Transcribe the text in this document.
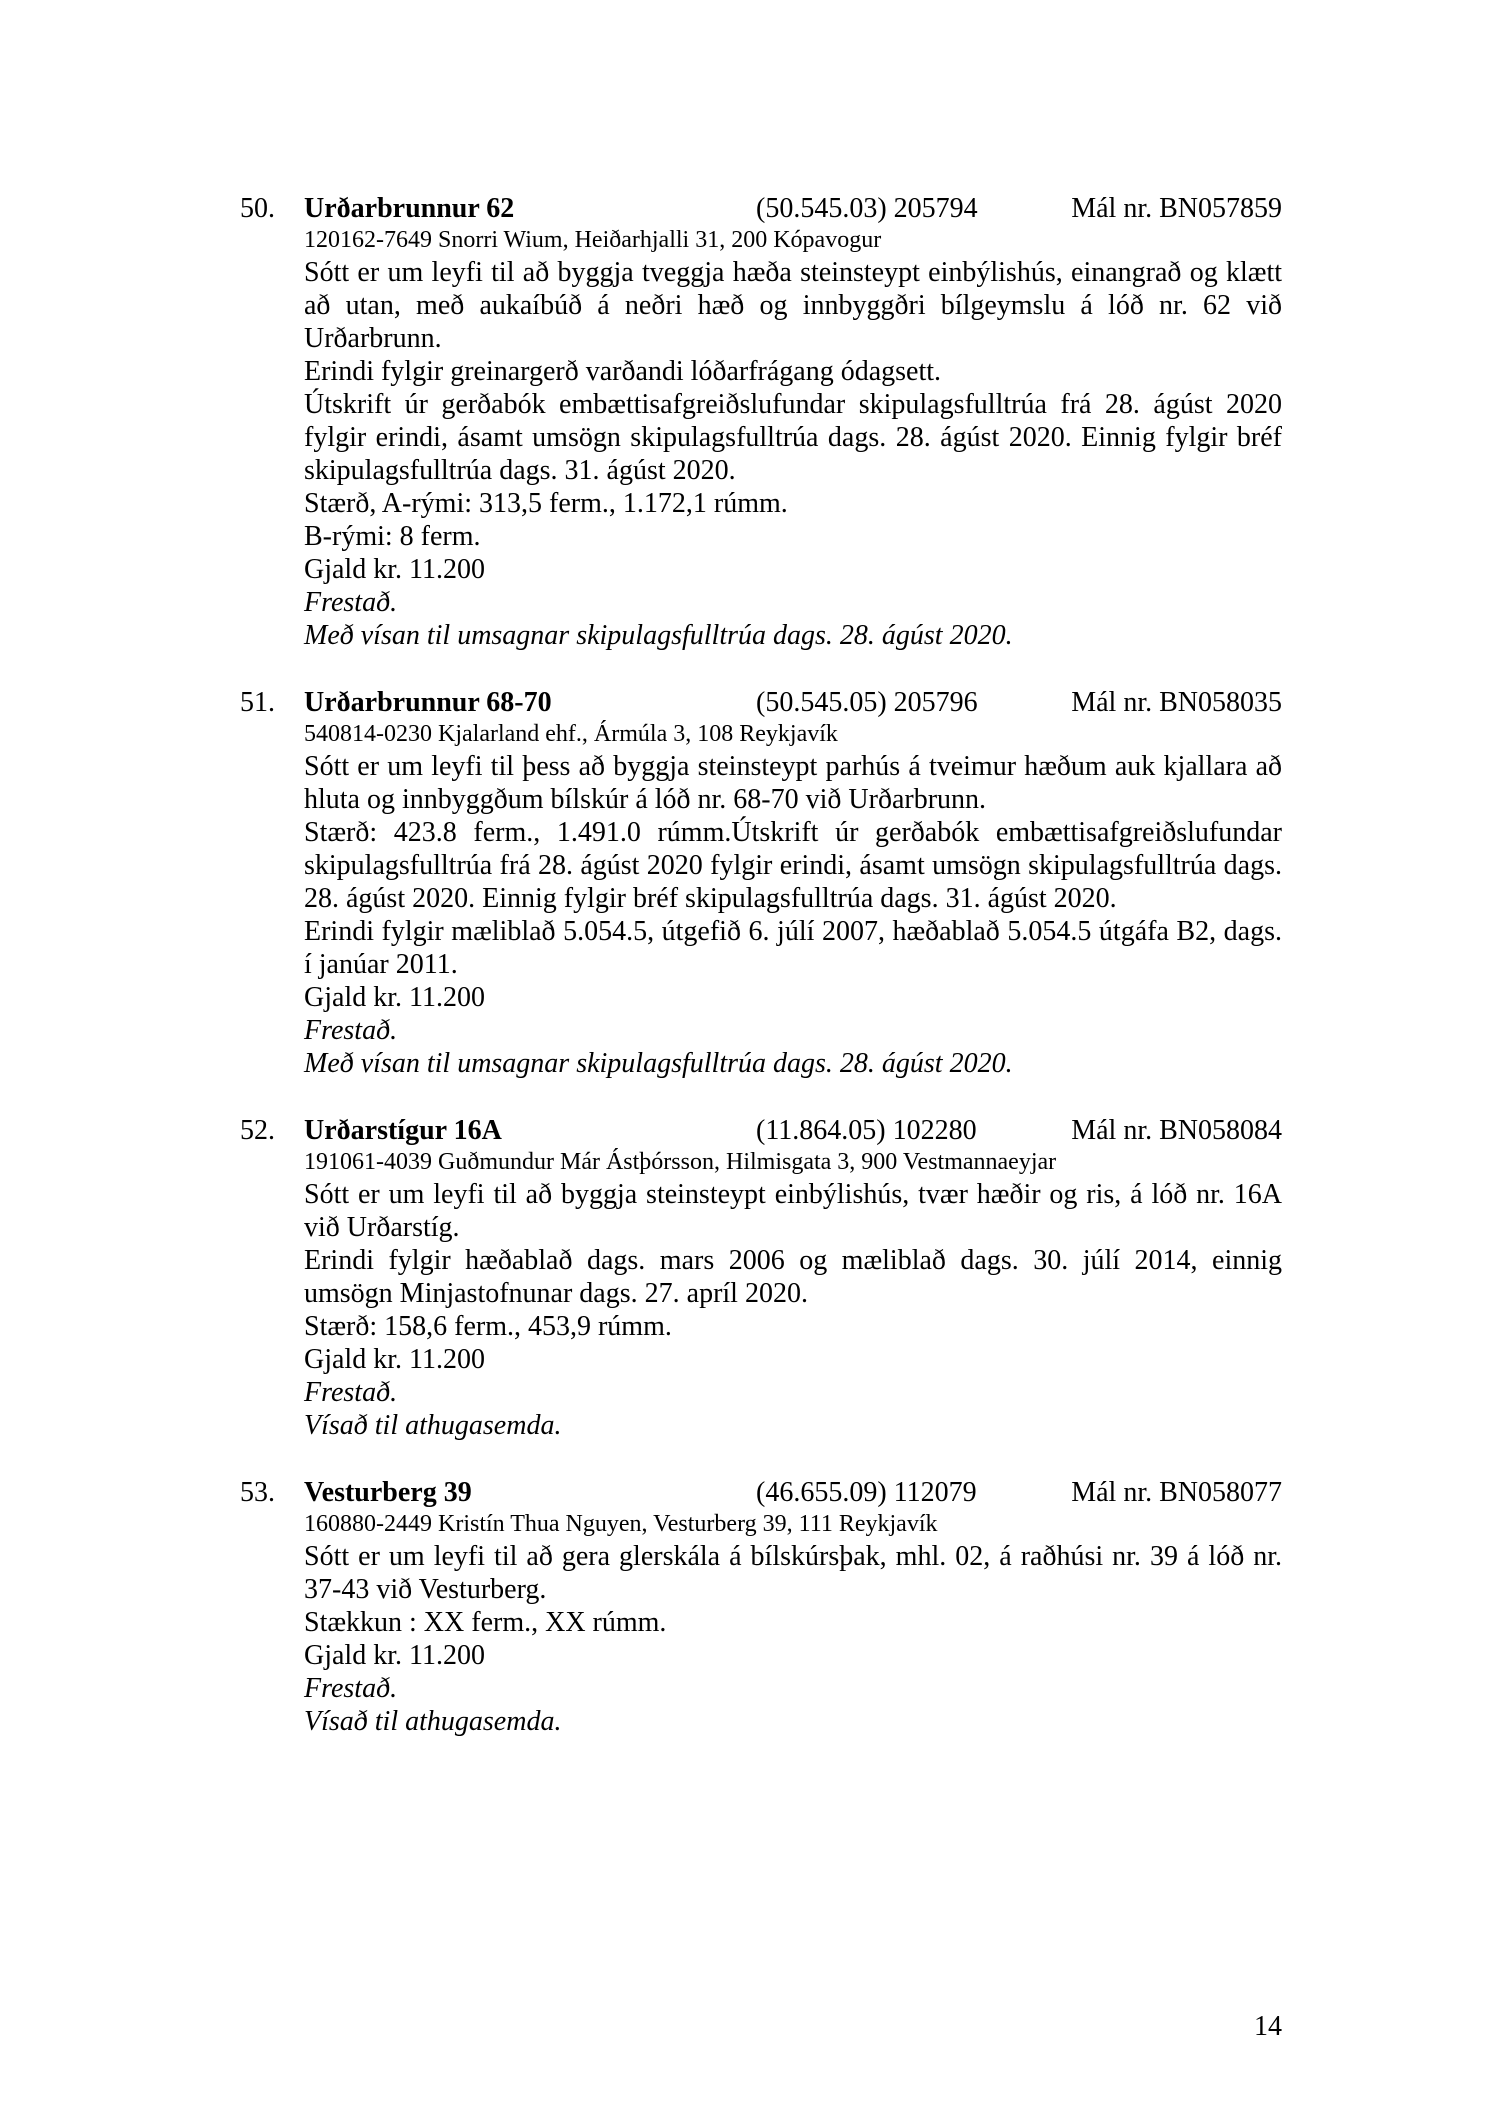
50.	Urðarbrunnur 62	(50.545.03) 205794	Mál nr. BN057859
120162-7649 Snorri Wium, Heiðarhjalli 31, 200 Kópavogur
Sótt er um leyfi til að byggja tveggja hæða steinsteypt einbýlishús, einangrað og klætt að utan, með aukaíbúð á neðri hæð og innbyggðri bílgeymslu á lóð nr. 62 við Urðarbrunn.
Erindi fylgir greinargerð varðandi lóðarfrágang ódagsett.
Útskrift úr gerðabók embættisafgreiðslufundar skipulagsfulltrúa frá 28. ágúst 2020 fylgir erindi, ásamt umsögn skipulagsfulltrúa dags. 28. ágúst 2020. Einnig fylgir bréf skipulagsfulltrúa dags. 31. ágúst 2020.
Stærð, A-rými: 313,5 ferm., 1.172,1 rúmm.
B-rými: 8 ferm.
Gjald kr. 11.200
Frestað.
Með vísan til umsagnar skipulagsfulltrúa dags. 28. ágúst 2020.
51.	Urðarbrunnur 68-70	(50.545.05) 205796	Mál nr. BN058035
540814-0230 Kjalarland ehf., Ármúla 3, 108 Reykjavík
Sótt er um leyfi til þess að byggja steinsteypt parhús á tveimur hæðum auk kjallara að hluta og innbyggðum bílskúr á lóð nr. 68-70 við Urðarbrunn.
Stærð: 423.8 ferm., 1.491.0 rúmm.Útskrift úr gerðabók embættisafgreiðslufundar skipulagsfulltrúa frá 28. ágúst 2020 fylgir erindi, ásamt umsögn skipulagsfulltrúa dags. 28. ágúst 2020. Einnig fylgir bréf skipulagsfulltrúa dags. 31. ágúst 2020.
Erindi fylgir mæliblað 5.054.5, útgefið 6. júlí 2007, hæðablað 5.054.5 útgáfa B2, dags. í janúar 2011.
Gjald kr. 11.200
Frestað.
Með vísan til umsagnar skipulagsfulltrúa dags. 28. ágúst 2020.
52.	Urðarstígur 16A	(11.864.05) 102280	Mál nr. BN058084
191061-4039 Guðmundur Már Ástþórsson, Hilmisgata 3, 900 Vestmannaeyjar
Sótt er um leyfi til að byggja steinsteypt einbýlishús, tvær hæðir og ris, á lóð nr. 16A við Urðarstíg.
Erindi fylgir hæðablað dags. mars 2006 og mæliblað dags. 30. júlí 2014, einnig umsögn Minjastofnunar dags. 27. apríl 2020.
Stærð: 158,6 ferm., 453,9 rúmm.
Gjald kr. 11.200
Frestað.
Vísað til athugasemda.
53.	Vesturberg 39	(46.655.09) 112079	Mál nr. BN058077
160880-2449 Kristín Thua Nguyen, Vesturberg 39, 111 Reykjavík
Sótt er um leyfi til að gera glerskála á bílskúrsþak, mhl. 02, á raðhúsi nr. 39 á lóð nr. 37-43 við Vesturberg.
Stækkun : XX ferm., XX rúmm.
Gjald kr. 11.200
Frestað.
Vísað til athugasemda.
14
